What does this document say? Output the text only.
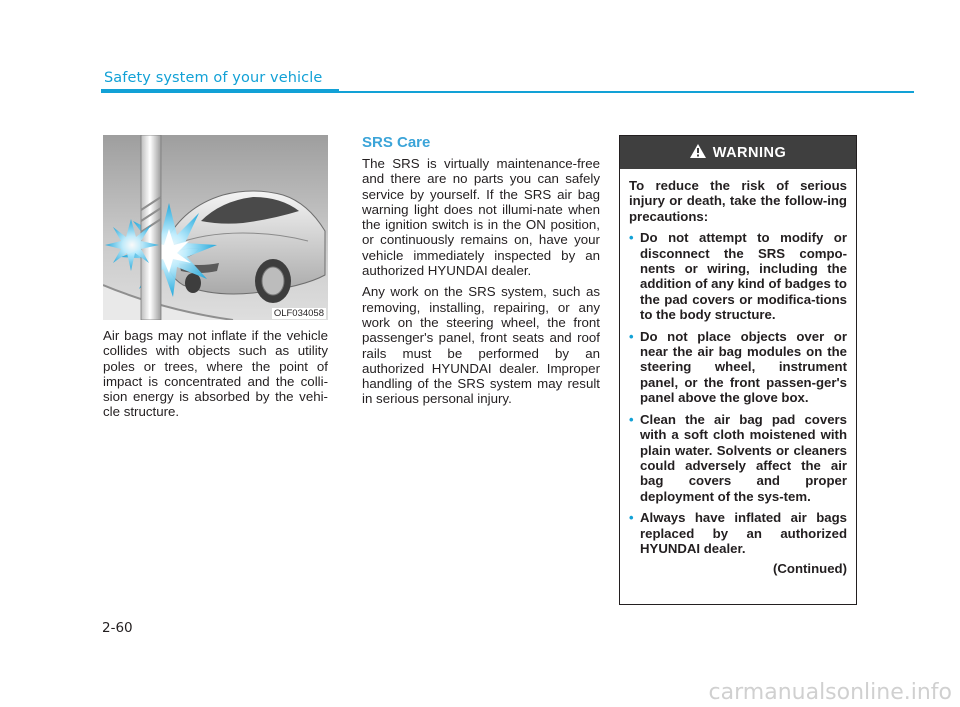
Safety system of your vehicle
OLF034058

Air bags may not inflate if the vehicle collides with objects such as utility poles or trees, where the point of impact is concentrated and the colli-sion energy is absorbed by the vehi-cle structure.

SRS Care

The SRS is virtually maintenance-free and there are no parts you can safely service by yourself. If the SRS air bag warning light does not illumi-nate when the ignition switch is in the ON position, or continuously remains on, have your vehicle immediately inspected by an authorized HYUNDAI dealer.

Any work on the SRS system, such as removing, installing, repairing, or any work on the steering wheel, the front passenger's panel, front seats and roof rails must be performed by an authorized HYUNDAI dealer. Improper handling of the SRS system may result in serious personal injury.

WARNING

To reduce the risk of serious injury or death, take the follow-ing precautions:

• Do not attempt to modify or disconnect the SRS compo-nents or wiring, including the addition of any kind of badges to the pad covers or modifica-tions to the body structure.
• Do not place objects over or near the air bag modules on the steering wheel, instrument panel, or the front passen-ger's panel above the glove box.
• Clean the air bag pad covers with a soft cloth moistened with plain water. Solvents or cleaners could adversely affect the air bag covers and proper deployment of the sys-tem.
• Always have inflated air bags replaced by an authorized HYUNDAI dealer.
(Continued)
2-60
carmanualsonline.info
